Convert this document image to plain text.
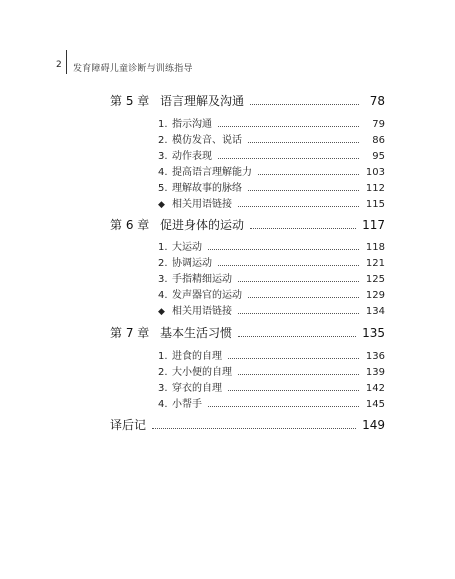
2 发育障碍儿童诊断与训练指导
第 5 章 语言理解及沟通	78
1. 指示沟通	79
2. 模仿发音、说话	86
3. 动作表现	95
4. 提高语言理解能力	103
5. 理解故事的脉络	112
◆ 相关用语链接	115
第 6 章 促进身体的运动	117
1. 大运动	118
2. 协调运动	121
3. 手指精细运动	125
4. 发声器官的运动	129
◆ 相关用语链接	134
第 7 章 基本生活习惯	135
1. 进食的自理	136
2. 大小便的自理	139
3. 穿衣的自理	142
4. 小帮手	145
译后记	149
